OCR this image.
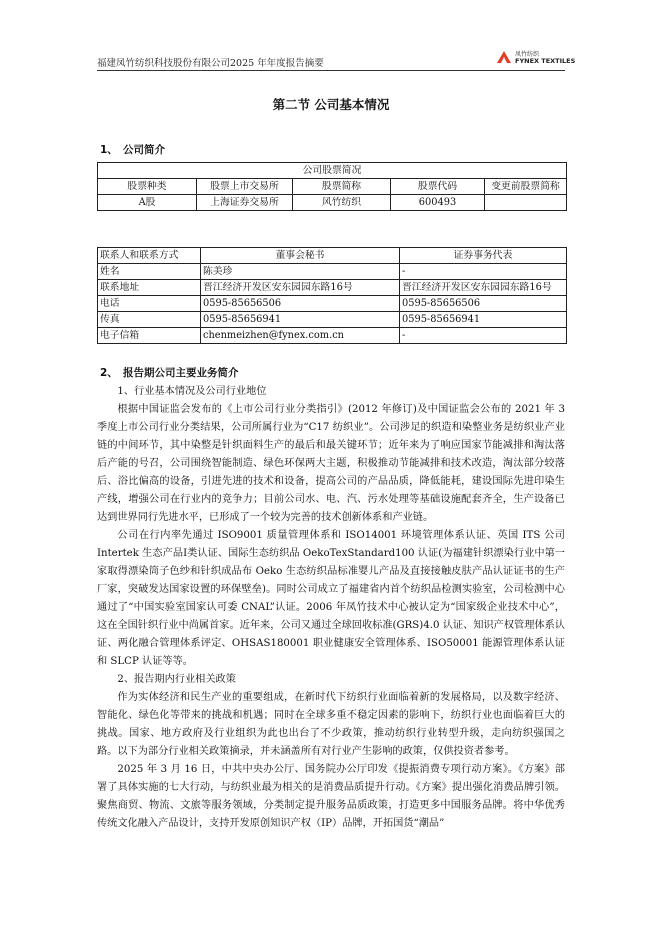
福建凤竹纺织科技股份有限公司2025 年年度报告摘要
凤竹纺织
FYNEX TEXTILES
第二节 公司基本情况
1、 公司简介
公司股票简况				
股票种类	股票上市交易所	股票简称	股票代码	变更前股票简称
A股	上海证券交易所	风竹纺织	600493	
联系人和联系方式	董事会秘书	证券事务代表
姓名	陈美珍	-
联系地址	晋江经济开发区安东园园东路16号	晋江经济开发区安东园园东路16号
电话	0595-85656506	0595-85656506
传真	0595-85656941	0595-85656941
电子信箱	chenmeizhen@fynex.com.cn	-
2、 报告期公司主要业务简介

1、行业基本情况及公司行业地位

根据中国证监会发布的《上市公司行业分类指引》(2012 年修订)及中国证监会公布的 2021 年 3 季度上市公司行业分类结果，公司所属行业为“C17 纺织业”。公司涉足的织造和染整业务是纺织业产业链的中间环节，其中染整是针织面料生产的最后和最关键环节；近年来为了响应国家节能减排和淘汰落后产能的号召，公司围绕智能制造、绿色环保两大主题，积极推动节能减排和技术改造，淘汰部分较落后、浴比偏高的设备，引进先进的技术和设备，提高公司的产品品质，降低能耗，建设国际先进印染生产线，增强公司在行业内的竞争力；目前公司水、电、汽、污水处理等基础设施配套齐全，生产设备已达到世界同行先进水平，已形成了一个较为完善的技术创新体系和产业链。

公司在行内率先通过 ISO9001 质量管理体系和 ISO14001 环境管理体系认证、英国 ITS 公司 Intertek 生态产品Ⅰ类认证、国际生态纺织品 OekoTexStandard100 认证(为福建针织漂染行业中第一家取得漂染筒子色纱和针织成品布 Oeko 生态纺织品标准婴儿产品及直接接触皮肤产品认证证书的生产厂家，突破发达国家设置的环保壁垒)。同时公司成立了福建省内首个纺织品检测实验室，公司检测中心通过了“中国实验室国家认可委 CNAL”认证。2006 年凤竹技术中心被认定为“国家级企业技术中心”，这在全国针织行业中尚属首家。近年来，公司又通过全球回收标准(GRS)4.0 认证、知识产权管理体系认证、两化融合管理体系评定、OHSAS180001 职业健康安全管理体系、ISO50001 能源管理体系认证和 SLCP 认证等等。

2、报告期内行业相关政策

作为实体经济和民生产业的重要组成，在新时代下纺织行业面临着新的发展格局，以及数字经济、智能化、绿色化等带来的挑战和机遇；同时在全球多重不稳定因素的影响下，纺织行业也面临着巨大的挑战。国家、地方政府及行业组织为此也出台了不少政策，推动纺织行业转型升级，走向纺织强国之路。以下为部分行业相关政策摘录，并未涵盖所有对行业产生影响的政策，仅供投资者参考。

2025 年 3 月 16 日，中共中央办公厅、国务院办公厅印发《提振消费专项行动方案》。《方案》部署了具体实施的七大行动，与纺织业最为相关的是消费品质提升行动。《方案》提出强化消费品牌引领。聚焦商贸、物流、文旅等服务领域，分类制定提升服务品质政策，打造更多中国服务品牌。将中华优秀传统文化融入产品设计，支持开发原创知识产权（IP）品牌，开拓国货“潮品”
